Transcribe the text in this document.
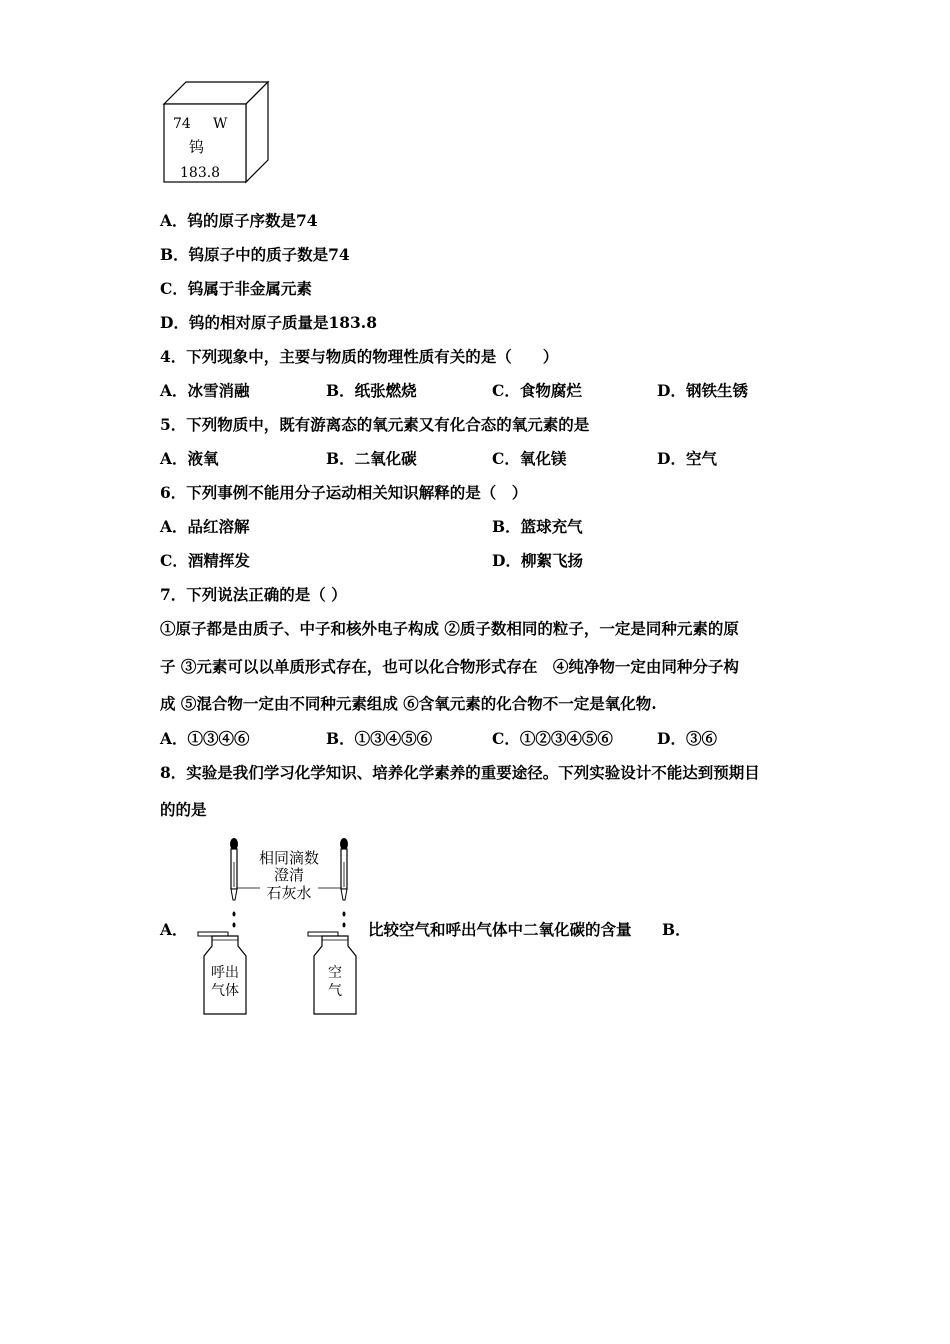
74 W
钨
183.8
A．钨的原子序数是74
B．钨原子中的质子数是74
C．钨属于非金属元素
D．钨的相对原子质量是183.8
4．下列现象中，主要与物质的物理性质有关的是（　　）
A．冰雪消融	B．纸张燃烧	C．食物腐烂	D．钢铁生锈
5．下列物质中，既有游离态的氧元素又有化合态的氧元素的是
A．液氧	B．二氧化碳	C．氧化镁	D．空气
6．下列事例不能用分子运动相关知识解释的是（　）
A．品红溶解	B．篮球充气
C．酒精挥发	D．柳絮飞扬
7．下列说法正确的是（ ）
①原子都是由质子、中子和核外电子构成 ②质子数相同的粒子，一定是同种元素的原
子 ③元素可以以单质形式存在，也可以化合物形式存在　④纯净物一定由同种分子构
成 ⑤混合物一定由不同种元素组成 ⑥含氧元素的化合物不一定是氧化物.
A．①③④⑥	B．①③④⑤⑥	C．①②③④⑤⑥	D．③⑥
8．实验是我们学习化学知识、培养化学素养的重要途径。下列实验设计不能达到预期目
的的是
A．
相同滴数
澄清
石灰水
呼出
气体
空
气
比较空气和呼出气体中二氧化碳的含量 B．
